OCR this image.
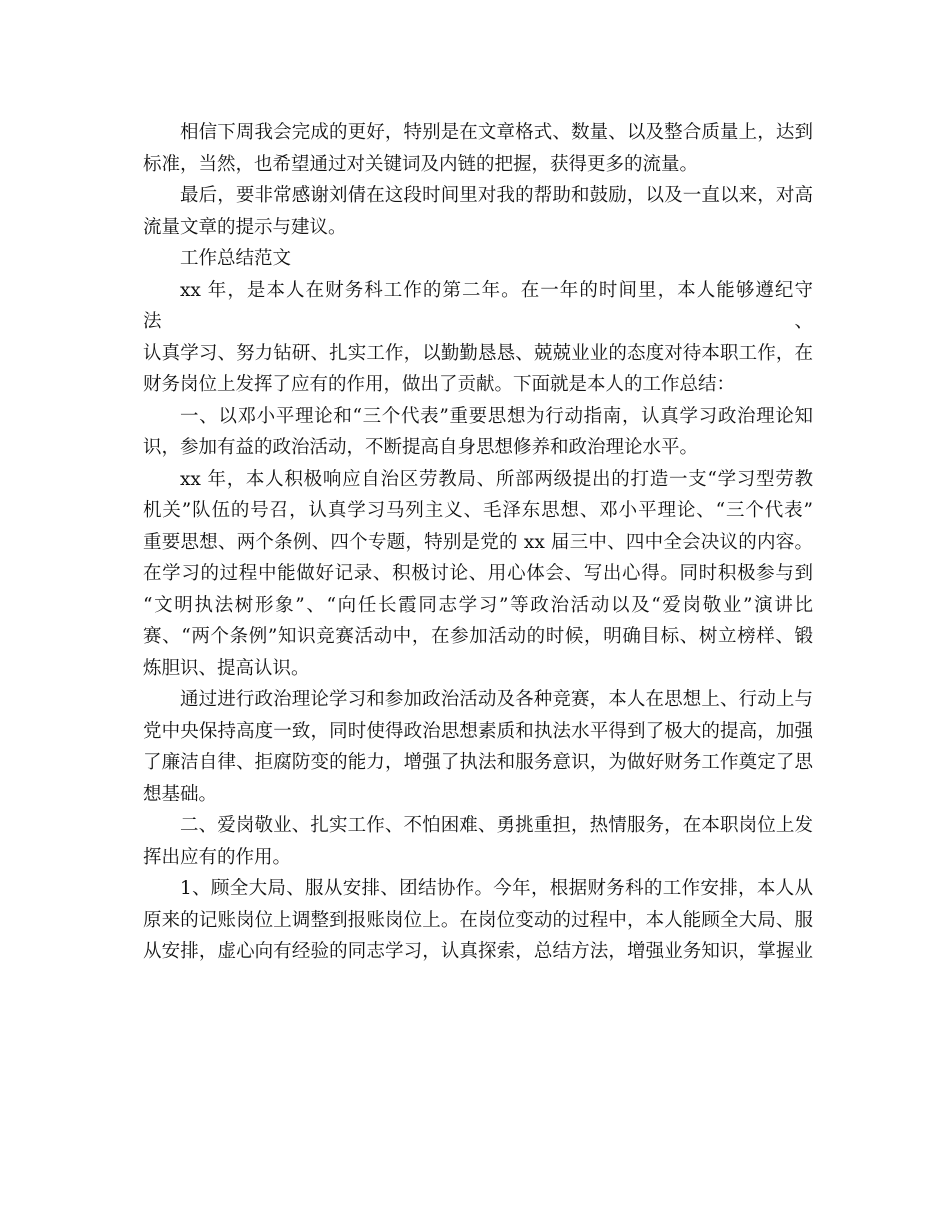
相信下周我会完成的更好，特别是在文章格式、数量、以及整合质量上，达到
标准，当然，也希望通过对关键词及内链的把握，获得更多的流量。

最后，要非常感谢刘倩在这段时间里对我的帮助和鼓励，以及一直以来，对高
流量文章的提示与建议。

工作总结范文

xx 年，是本人在财务科工作的第二年。在一年的时间里，本人能够遵纪守法、
认真学习、努力钻研、扎实工作，以勤勤恳恳、兢兢业业的态度对待本职工作，在
财务岗位上发挥了应有的作用，做出了贡献。下面就是本人的工作总结：

一、以邓小平理论和“三个代表”重要思想为行动指南，认真学习政治理论知
识，参加有益的政治活动，不断提高自身思想修养和政治理论水平。

xx 年，本人积极响应自治区劳教局、所部两级提出的打造一支“学习型劳教
机关”队伍的号召，认真学习马列主义、毛泽东思想、邓小平理论、“三个代表”
重要思想、两个条例、四个专题，特别是党的 xx 届三中、四中全会决议的内容。
在学习的过程中能做好记录、积极讨论、用心体会、写出心得。同时积极参与到
“文明执法树形象”、“向任长霞同志学习”等政治活动以及“爱岗敬业”演讲比
赛、“两个条例”知识竞赛活动中，在参加活动的时候，明确目标、树立榜样、锻
炼胆识、提高认识。

通过进行政治理论学习和参加政治活动及各种竞赛，本人在思想上、行动上与
党中央保持高度一致，同时使得政治思想素质和执法水平得到了极大的提高，加强
了廉洁自律、拒腐防变的能力，增强了执法和服务意识，为做好财务工作奠定了思
想基础。

二、爱岗敬业、扎实工作、不怕困难、勇挑重担，热情服务，在本职岗位上发
挥出应有的作用。

1、顾全大局、服从安排、团结协作。今年，根据财务科的工作安排，本人从
原来的记账岗位上调整到报账岗位上。在岗位变动的过程中，本人能顾全大局、服
从安排，虚心向有经验的同志学习，认真探索，总结方法，增强业务知识，掌握业
